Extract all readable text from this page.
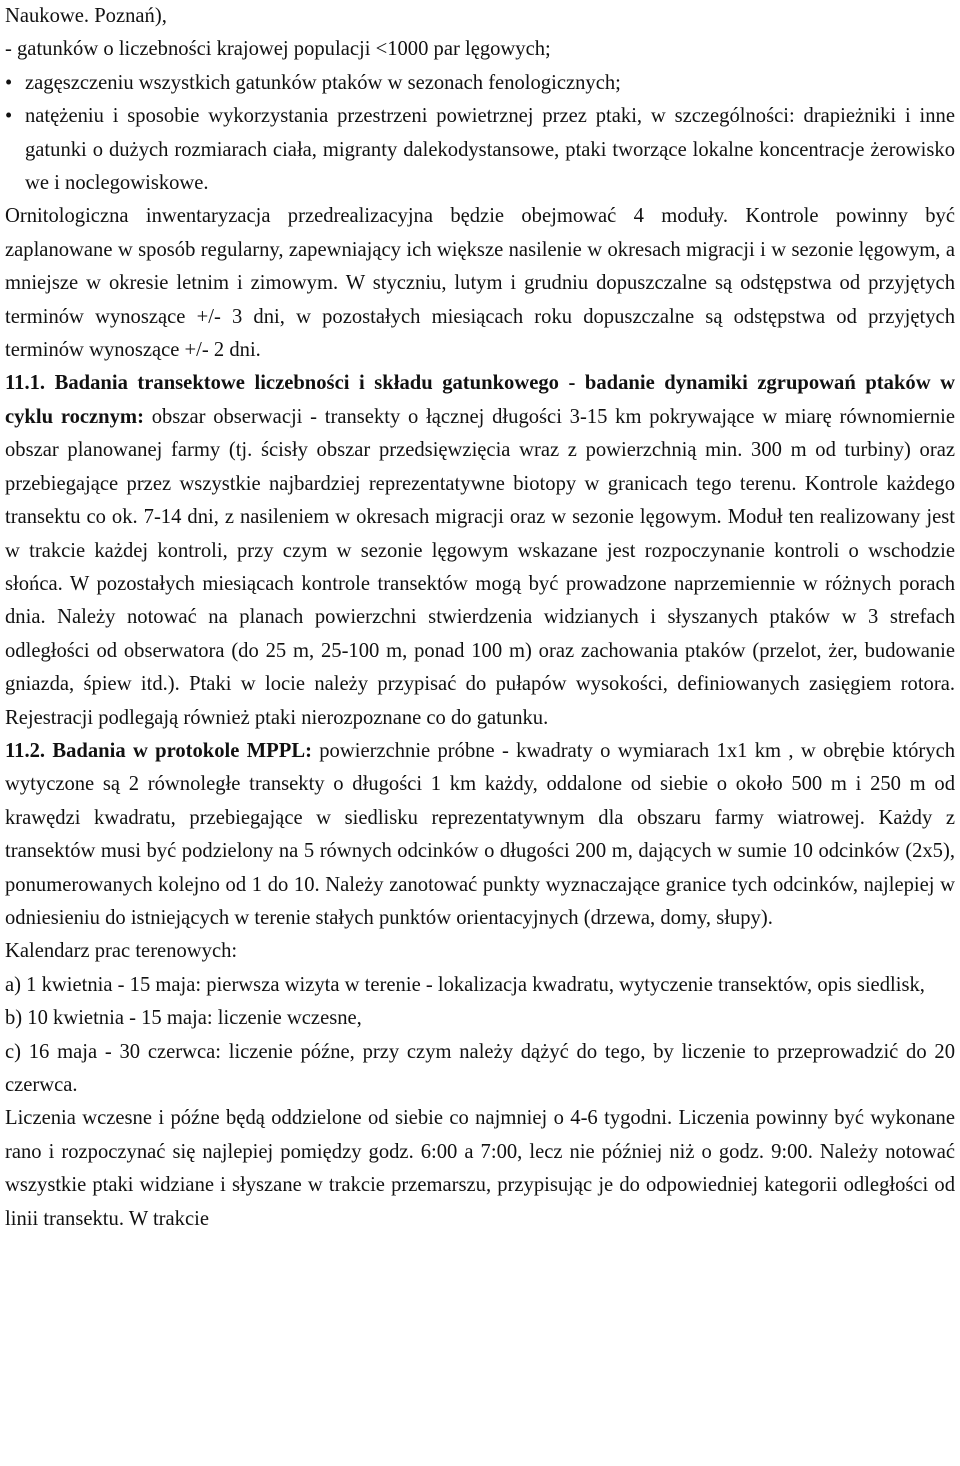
Naukowe. Poznań),

- gatunków o liczebności krajowej populacji <1000 par lęgowych;

• zagęszczeniu wszystkich gatunków ptaków w sezonach fenologicznych;
• natężeniu i sposobie wykorzystania przestrzeni powietrznej przez ptaki, w szczególności: drapieżniki i inne gatunki o dużych rozmiarach ciała, migranty dalekodystansowe, ptaki tworzące lokalne koncentracje żerowisko we i noclegowiskowe.

Ornitologiczna inwentaryzacja przedrealizacyjna będzie obejmować 4 moduły. Kontrole powinny być zaplanowane w sposób regularny, zapewniający ich większe nasilenie w okresach migracji i w sezonie lęgowym, a mniejsze w okresie letnim i zimowym. W styczniu, lutym i grudniu dopuszczalne są odstępstwa od przyjętych terminów wynoszące +/- 3 dni, w pozostałych miesiącach roku dopuszczalne są odstępstwa od przyjętych terminów wynoszące +/- 2 dni.

11.1. Badania transektowe liczebności i składu gatunkowego - badanie dynamiki zgrupowań ptaków w cyklu rocznym: obszar obserwacji - transekty o łącznej długości 3-15 km pokrywające w miarę równomiernie obszar planowanej farmy (tj. ścisły obszar przedsięwzięcia wraz z powierzchnią min. 300 m od turbiny) oraz przebiegające przez wszystkie najbardziej reprezentatywne biotopy w granicach tego terenu. Kontrole każdego transektu co ok. 7-14 dni, z nasileniem w okresach migracji oraz w sezonie lęgowym. Moduł ten realizowany jest w trakcie każdej kontroli, przy czym w sezonie lęgowym wskazane jest rozpoczynanie kontroli o wschodzie słońca. W pozostałych miesiącach kontrole transektów mogą być prowadzone naprzemiennie w różnych porach dnia. Należy notować na planach powierzchni stwierdzenia widzianych i słyszanych ptaków w 3 strefach odległości od obserwatora (do 25 m, 25-100 m, ponad 100 m) oraz zachowania ptaków (przelot, żer, budowanie gniazda, śpiew itd.). Ptaki w locie należy przypisać do pułapów wysokości, definiowanych zasięgiem rotora. Rejestracji podlegają również ptaki nierozpoznane co do gatunku.

11.2. Badania w protokole MPPL: powierzchnie próbne - kwadraty o wymiarach 1x1 km , w obrębie których wytyczone są 2 równoległe transekty o długości 1 km każdy, oddalone od siebie o około 500 m i 250 m od krawędzi kwadratu, przebiegające w siedlisku reprezentatywnym dla obszaru farmy wiatrowej. Każdy z transektów musi być podzielony na 5 równych odcinków o długości 200 m, dających w sumie 10 odcinków (2x5), ponumerowanych kolejno od 1 do 10. Należy zanotować punkty wyznaczające granice tych odcinków, najlepiej w odniesieniu do istniejących w terenie stałych punktów orientacyjnych (drzewa, domy, słupy).

Kalendarz prac terenowych:

a) 1 kwietnia - 15 maja: pierwsza wizyta w terenie - lokalizacja kwadratu, wytyczenie transektów, opis siedlisk,

b) 10 kwietnia - 15 maja: liczenie wczesne,

c) 16 maja - 30 czerwca: liczenie późne, przy czym należy dążyć do tego, by liczenie to przeprowadzić do 20 czerwca.

Liczenia wczesne i późne będą oddzielone od siebie co najmniej o 4-6 tygodni. Liczenia powinny być wykonane rano i rozpoczynać się najlepiej pomiędzy godz. 6:00 a 7:00, lecz nie później niż o godz. 9:00. Należy notować wszystkie ptaki widziane i słyszane w trakcie przemarszu, przypisując je do odpowiedniej kategorii odległości od linii transektu. W trakcie
